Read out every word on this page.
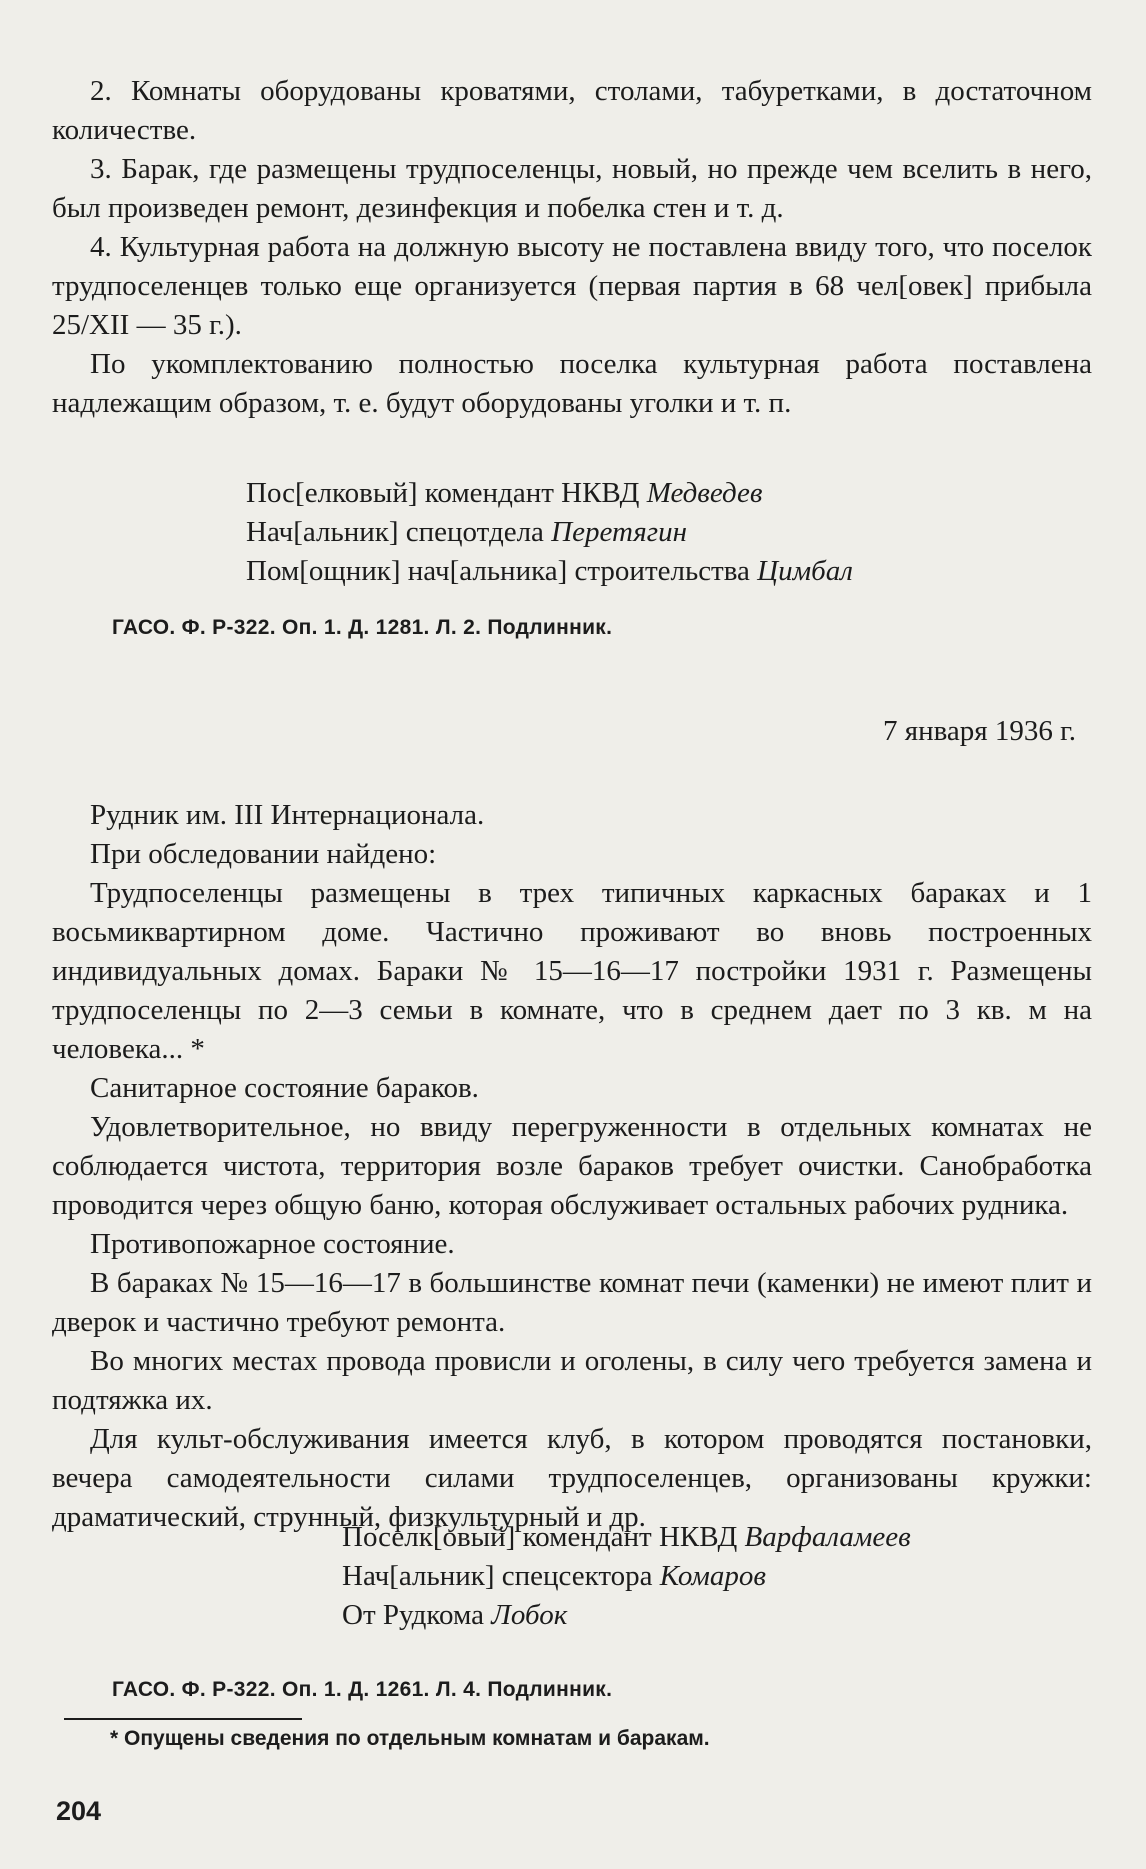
2. Комнаты оборудованы кроватями, столами, табуретками, в достаточном количестве.

3. Барак, где размещены трудпоселенцы, новый, но прежде чем вселить в него, был произведен ремонт, дезинфекция и побелка стен и т. д.

4. Культурная работа на должную высоту не поставлена ввиду того, что поселок трудпоселенцев только еще организуется (первая партия в 68 чел[овек] прибыла 25/XII — 35 г.).

По укомплектованию полностью поселка культурная работа поставлена надлежащим образом, т. е. будут оборудованы уголки и т. п.

Пос[елковый] комендант НКВД Медведев
Нач[альник] спецотдела Перетягин
Пом[ощник] нач[альника] строительства Цимбал
ГАСО. Ф. Р-322. Оп. 1. Д. 1281. Л. 2. Подлинник.
7 января 1936 г.

Рудник им. III Интернационала.

При обследовании найдено:

Трудпоселенцы размещены в трех типичных каркасных бараках и 1 восьмиквартирном доме. Частично проживают во вновь построенных индивидуальных домах. Бараки № 15—16—17 постройки 1931 г. Размещены трудпоселенцы по 2—3 семьи в комнате, что в среднем дает по 3 кв. м на человека... *

Санитарное состояние бараков.

Удовлетворительное, но ввиду перегруженности в отдельных комнатах не соблюдается чистота, территория возле бараков требует очистки. Санобработка проводится через общую баню, которая обслуживает остальных рабочих рудника.

Противопожарное состояние.

В бараках № 15—16—17 в большинстве комнат печи (каменки) не имеют плит и дверок и частично требуют ремонта.

Во многих местах провода провисли и оголены, в силу чего требуется замена и подтяжка их.

Для культ-обслуживания имеется клуб, в котором проводятся постановки, вечера самодеятельности силами трудпоселенцев, организованы кружки: драматический, струнный, физкультурный и др.

Поселк[овый] комендант НКВД Варфаламеев
Нач[альник] спецсектора Комаров
От Рудкома Лобок
ГАСО. Ф. Р-322. Оп. 1. Д. 1261. Л. 4. Подлинник.
* Опущены сведения по отдельным комнатам и баракам.
204
